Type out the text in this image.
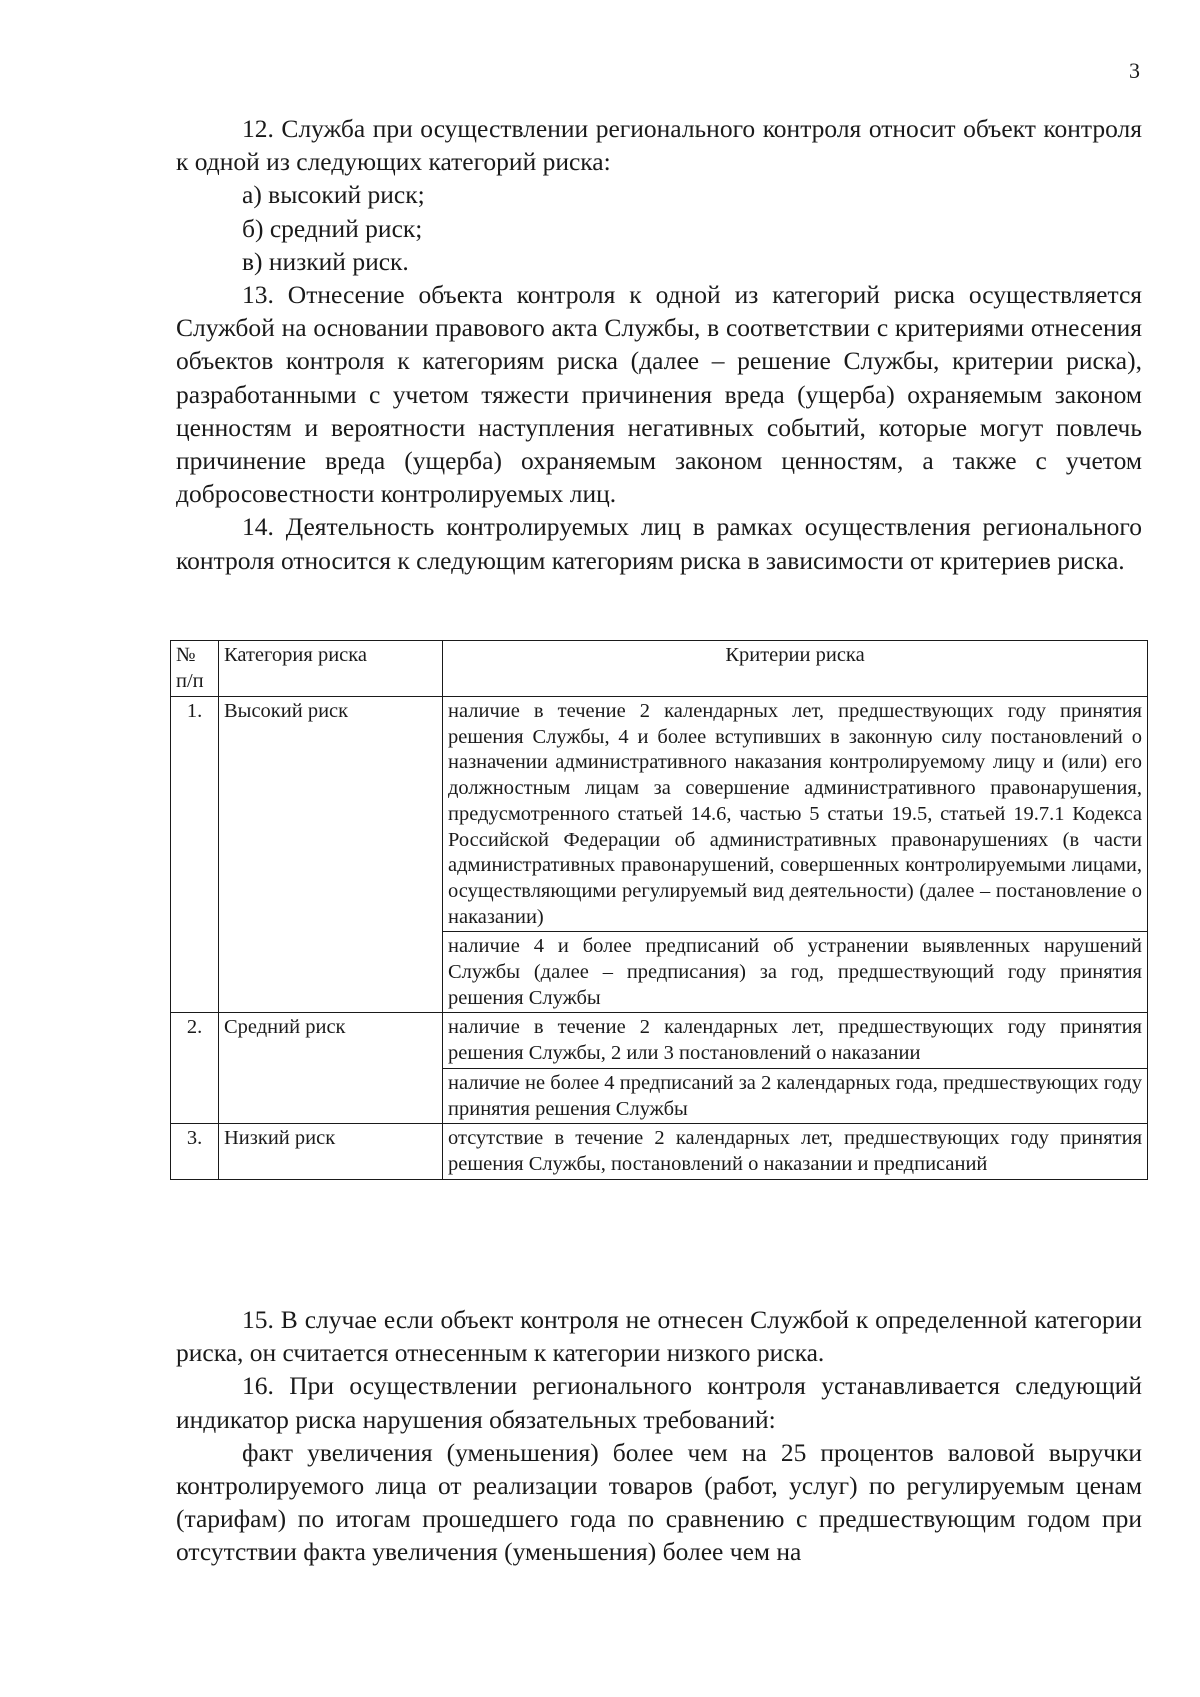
3

12. Служба при осуществлении регионального контроля относит объект контроля к одной из следующих категорий риска:

а) высокий риск;

б) средний риск;

в) низкий риск.

13. Отнесение объекта контроля к одной из категорий риска осуществляется Службой на основании правового акта Службы, в соответствии с критериями отнесения объектов контроля к категориям риска (далее – решение Службы, критерии риска), разработанными с учетом тяжести причинения вреда (ущерба) охраняемым законом ценностям и вероятности наступления негативных событий, которые могут повлечь причинение вреда (ущерба) охраняемым законом ценностям, а также с учетом добросовестности контролируемых лиц.

14. Деятельность контролируемых лиц в рамках осуществления регионального контроля относится к следующим категориям риска в зависимости от критериев риска.

№ п/п	Категория риска	Критерии риска
1.	Высокий риск	наличие в течение 2 календарных лет, предшествующих году принятия решения Службы, 4 и более вступивших в законную силу постановлений о назначении административного наказания контролируемому лицу и (или) его должностным лицам за совершение административного правонарушения, предусмотренного статьей 14.6, частью 5 статьи 19.5, статьей 19.7.1 Кодекса Российской Федерации об административных правонарушениях (в части административных правонарушений, совершенных контролируемыми лицами, осуществляющими регулируемый вид деятельности) (далее – постановление о наказании)
		наличие 4 и более предписаний об устранении выявленных нарушений Службы (далее – предписания) за год, предшествующий году принятия решения Службы
2.	Средний риск	наличие в течение 2 календарных лет, предшествующих году принятия решения Службы, 2 или 3 постановлений о наказании
		наличие не более 4 предписаний за 2 календарных года, предшествующих году принятия решения Службы
3.	Низкий риск	отсутствие в течение 2 календарных лет, предшествующих году принятия решения Службы, постановлений о наказании и предписаний

15. В случае если объект контроля не отнесен Службой к определенной категории риска, он считается отнесенным к категории низкого риска.

16. При осуществлении регионального контроля устанавливается следующий индикатор риска нарушения обязательных требований:

факт увеличения (уменьшения) более чем на 25 процентов валовой выручки контролируемого лица от реализации товаров (работ, услуг) по регулируемым ценам (тарифам) по итогам прошедшего года по сравнению с предшествующим годом при отсутствии факта увеличения (уменьшения) более чем на
